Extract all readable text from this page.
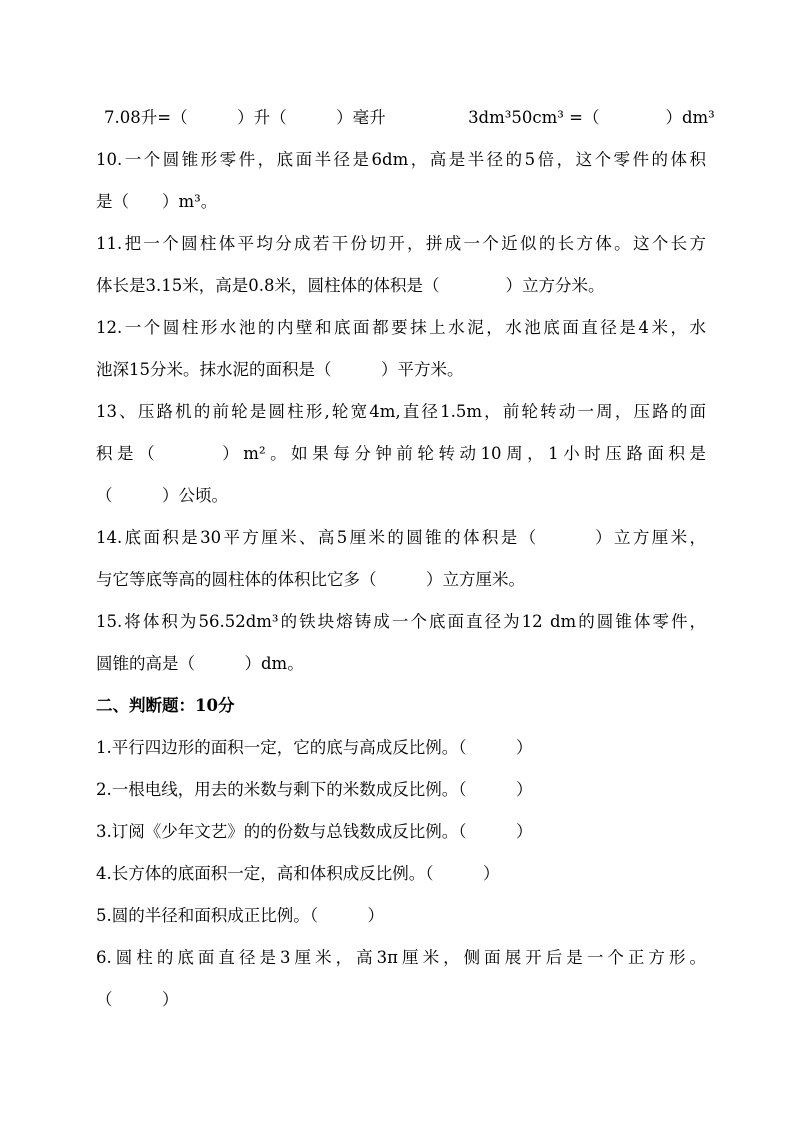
7.08升=（　　　）升（　　　）毫升　　　　　3dm³50cm³ =（　　　　）dm³
10.一个圆锥形零件，底面半径是6dm，高是半径的5倍，这个零件的体积
是（　　）m³。
11.把一个圆柱体平均分成若干份切开，拼成一个近似的长方体。这个长方
体长是3.15米，高是0.8米，圆柱体的体积是（　　　　）立方分米。
12.一个圆柱形水池的内壁和底面都要抹上水泥，水池底面直径是4米，水
池深15分米。抹水泥的面积是（　　　）平方米。
13、压路机的前轮是圆柱形,轮宽4m,直径1.5m，前轮转动一周，压路的面
积是（　　　）m²。如果每分钟前轮转动10周，1小时压路面积是
（　　　）公顷。
14.底面积是30平方厘米、高5厘米的圆锥的体积是（　　　）立方厘米，
与它等底等高的圆柱体的体积比它多（　　　）立方厘米。
15.将体积为56.52dm³的铁块熔铸成一个底面直径为12 dm的圆锥体零件，
圆锥的高是（　　　）dm。
二、判断题：10分
1.平行四边形的面积一定，它的底与高成反比例。（　　　）
2.一根电线，用去的米数与剩下的米数成反比例。（　　　）
3.订阅《少年文艺》的的份数与总钱数成反比例。（　　　）
4.长方体的底面积一定，高和体积成反比例。（　　　）
5.圆的半径和面积成正比例。（　　　）
6.圆柱的底面直径是3厘米，高3π厘米，侧面展开后是一个正方形。
（　　　）
